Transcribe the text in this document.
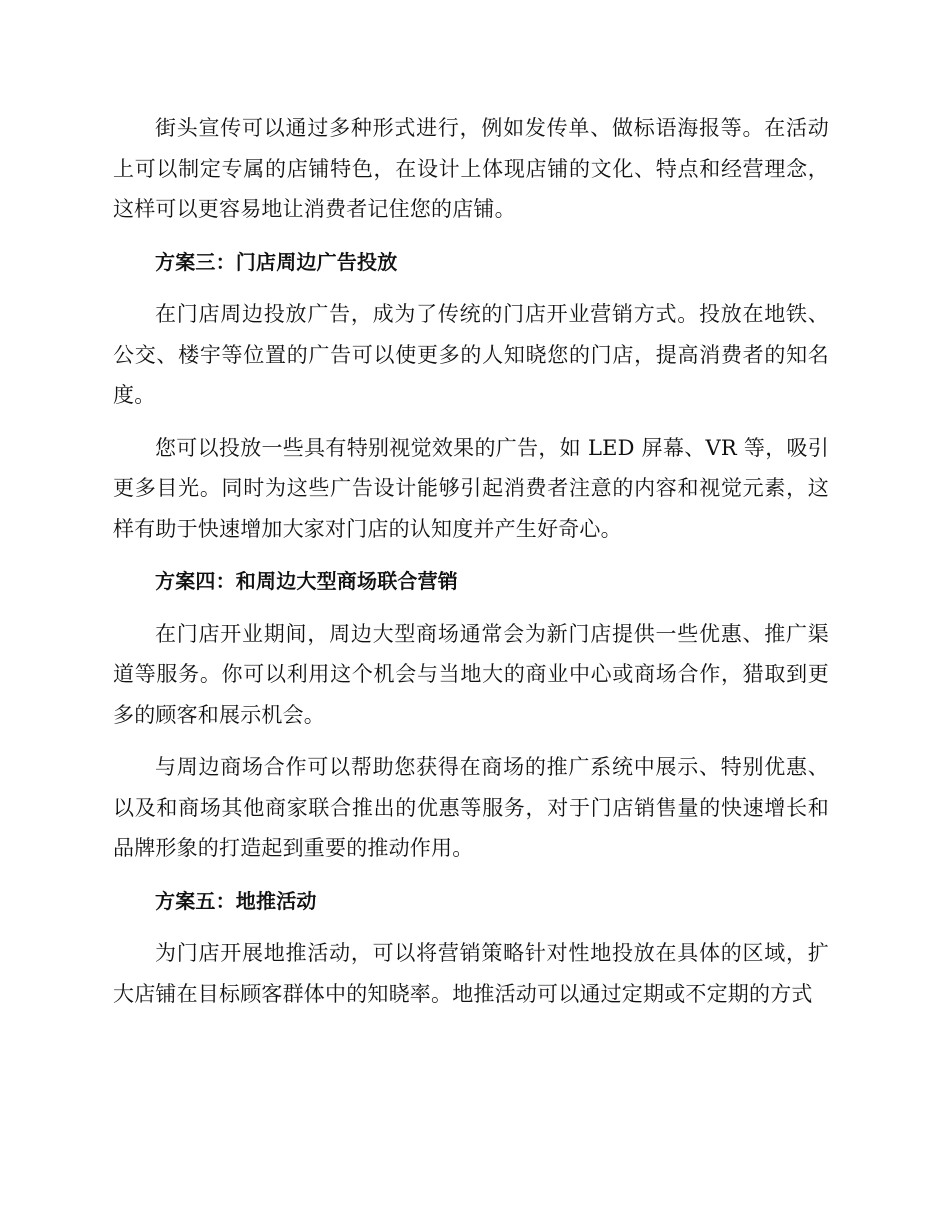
街头宣传可以通过多种形式进行，例如发传单、做标语海报等。在活动上可以制定专属的店铺特色，在设计上体现店铺的文化、特点和经营理念，这样可以更容易地让消费者记住您的店铺。

方案三：门店周边广告投放

在门店周边投放广告，成为了传统的门店开业营销方式。投放在地铁、公交、楼宇等位置的广告可以使更多的人知晓您的门店，提高消费者的知名度。

您可以投放一些具有特别视觉效果的广告，如 LED 屏幕、VR 等，吸引更多目光。同时为这些广告设计能够引起消费者注意的内容和视觉元素，这样有助于快速增加大家对门店的认知度并产生好奇心。

方案四：和周边大型商场联合营销

在门店开业期间，周边大型商场通常会为新门店提供一些优惠、推广渠道等服务。你可以利用这个机会与当地大的商业中心或商场合作，猎取到更多的顾客和展示机会。

与周边商场合作可以帮助您获得在商场的推广系统中展示、特别优惠、以及和商场其他商家联合推出的优惠等服务，对于门店销售量的快速增长和品牌形象的打造起到重要的推动作用。

方案五：地推活动

为门店开展地推活动，可以将营销策略针对性地投放在具体的区域，扩大店铺在目标顾客群体中的知晓率。地推活动可以通过定期或不定期的方式
